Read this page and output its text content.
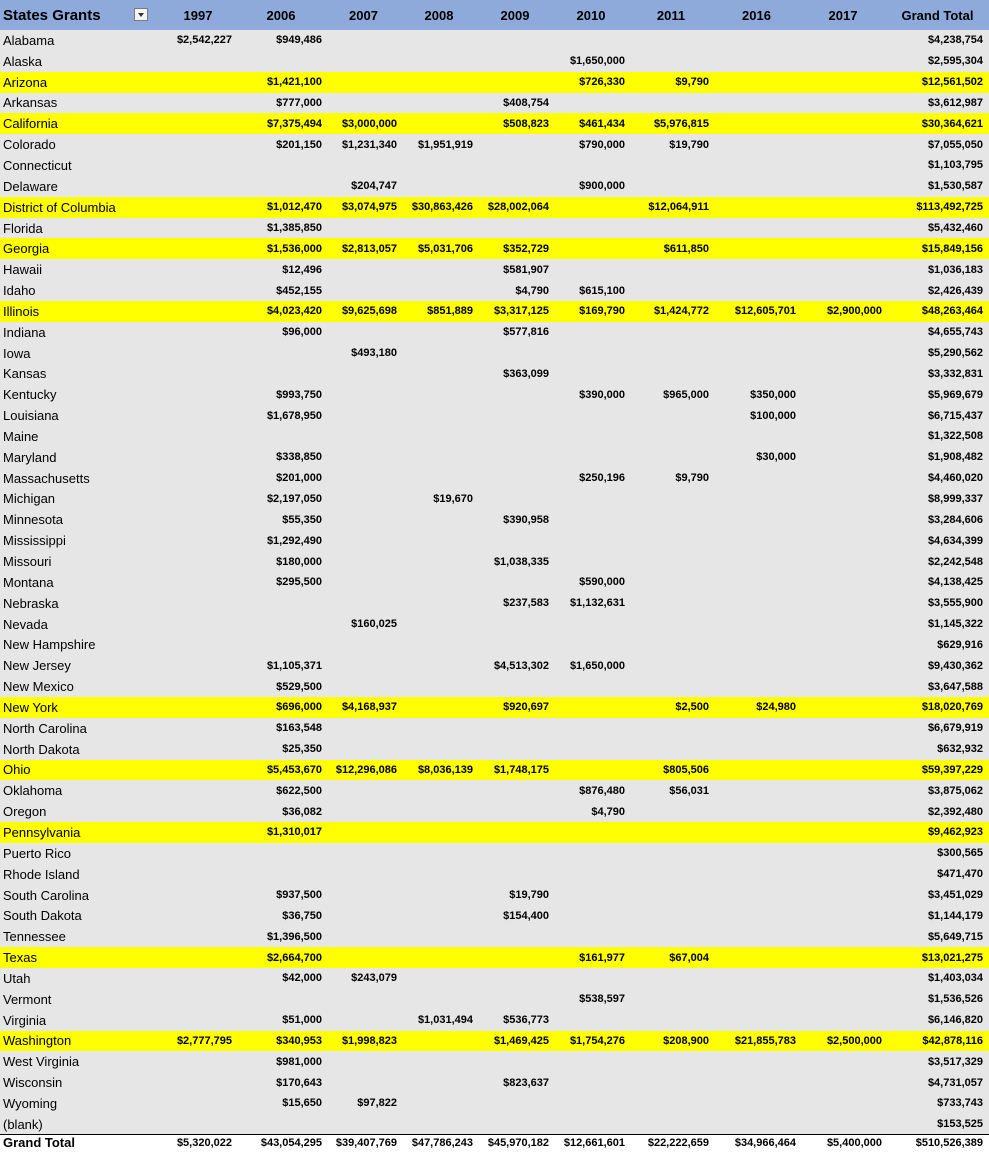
States Grants	1997	2006	2007	2008	2009	2010	2011	2016	2017	Grand Total
Alabama	$2,542,227	$949,486								$4,238,754
Alaska						$1,650,000				$2,595,304
Arizona		$1,421,100				$726,330	$9,790			$12,561,502
Arkansas		$777,000			$408,754					$3,612,987
California		$7,375,494	$3,000,000		$508,823	$461,434	$5,976,815			$30,364,621
Colorado		$201,150	$1,231,340	$1,951,919		$790,000	$19,790			$7,055,050
Connecticut										$1,103,795
Delaware			$204,747			$900,000				$1,530,587
District of Columbia		$1,012,470	$3,074,975	$30,863,426	$28,002,064		$12,064,911			$113,492,725
Florida		$1,385,850								$5,432,460
Georgia		$1,536,000	$2,813,057	$5,031,706	$352,729		$611,850			$15,849,156
Hawaii		$12,496			$581,907					$1,036,183
Idaho		$452,155			$4,790	$615,100				$2,426,439
Illinois		$4,023,420	$9,625,698	$851,889	$3,317,125	$169,790	$1,424,772	$12,605,701	$2,900,000	$48,263,464
Indiana		$96,000			$577,816					$4,655,743
Iowa			$493,180							$5,290,562
Kansas					$363,099					$3,332,831
Kentucky		$993,750				$390,000	$965,000	$350,000		$5,969,679
Louisiana		$1,678,950						$100,000		$6,715,437
Maine										$1,322,508
Maryland		$338,850						$30,000		$1,908,482
Massachusetts		$201,000				$250,196	$9,790			$4,460,020
Michigan		$2,197,050		$19,670						$8,999,337
Minnesota		$55,350			$390,958					$3,284,606
Mississippi		$1,292,490								$4,634,399
Missouri		$180,000			$1,038,335					$2,242,548
Montana		$295,500				$590,000				$4,138,425
Nebraska					$237,583	$1,132,631				$3,555,900
Nevada			$160,025							$1,145,322
New Hampshire										$629,916
New Jersey		$1,105,371			$4,513,302	$1,650,000				$9,430,362
New Mexico		$529,500								$3,647,588
New York		$696,000	$4,168,937		$920,697		$2,500	$24,980		$18,020,769
North Carolina		$163,548								$6,679,919
North Dakota		$25,350								$632,932
Ohio		$5,453,670	$12,296,086	$8,036,139	$1,748,175		$805,506			$59,397,229
Oklahoma		$622,500				$876,480	$56,031			$3,875,062
Oregon		$36,082				$4,790				$2,392,480
Pennsylvania		$1,310,017								$9,462,923
Puerto Rico										$300,565
Rhode Island										$471,470
South Carolina		$937,500			$19,790					$3,451,029
South Dakota		$36,750			$154,400					$1,144,179
Tennessee		$1,396,500								$5,649,715
Texas		$2,664,700				$161,977	$67,004			$13,021,275
Utah		$42,000	$243,079							$1,403,034
Vermont						$538,597				$1,536,526
Virginia		$51,000		$1,031,494	$536,773					$6,146,820
Washington	$2,777,795	$340,953	$1,998,823		$1,469,425	$1,754,276	$208,900	$21,855,783	$2,500,000	$42,878,116
West Virginia		$981,000								$3,517,329
Wisconsin		$170,643			$823,637					$4,731,057
Wyoming		$15,650	$97,822							$733,743
(blank)										$153,525
Grand Total	$5,320,022	$43,054,295	$39,407,769	$47,786,243	$45,970,182	$12,661,601	$22,222,659	$34,966,464	$5,400,000	$510,526,389
